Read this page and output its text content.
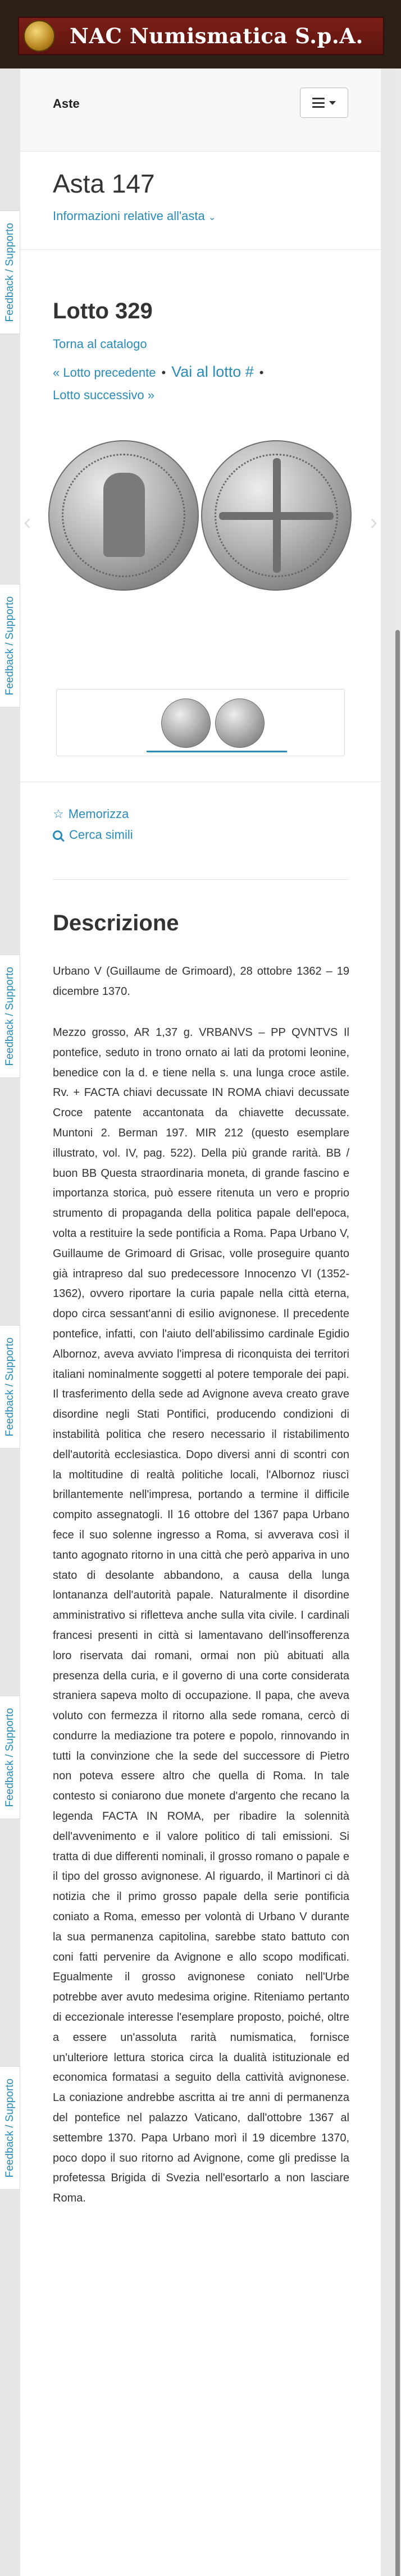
NAC Numismatica S.p.A.
Aste
Asta 147
Informazioni relative all'asta ⌄
Lotto 329
Torna al catalogo
« Lotto precedente • Vai al lotto # •
Lotto successivo »
‹	›
☆ Memorizza
Cerca simili
Descrizione

Urbano V (Guillaume de Grimoard), 28 ottobre 1362 – 19 dicembre 1370.

Mezzo grosso, AR 1,37 g. VRBANVS – PP QVNTVS Il pontefice, seduto in trono ornato ai lati da protomi leonine, benedice con la d. e tiene nella s. una lunga croce astile. Rv. + FACTA chiavi decussate IN ROMA chiavi decussate Croce patente accantonata da chiavette decussate. Muntoni 2. Berman 197. MIR 212 (questo esemplare illustrato, vol. IV, pag. 522). Della più grande rarità. BB / buon BB Questa straordinaria moneta, di grande fascino e importanza storica, può essere ritenuta un vero e proprio strumento di propaganda della politica papale dell'epoca, volta a restituire la sede pontificia a Roma. Papa Urbano V, Guillaume de Grimoard di Grisac, volle proseguire quanto già intrapreso dal suo predecessore Innocenzo VI (1352-1362), ovvero riportare la curia papale nella città eterna, dopo circa sessant'anni di esilio avignonese. Il precedente pontefice, infatti, con l'aiuto dell'abilissimo cardinale Egidio Albornoz, aveva avviato l'impresa di riconquista dei territori italiani nominalmente soggetti al potere temporale dei papi. Il trasferimento della sede ad Avignone aveva creato grave disordine negli Stati Pontifici, producendo condizioni di instabilità politica che resero necessario il ristabilimento dell'autorità ecclesiastica. Dopo diversi anni di scontri con la moltitudine di realtà politiche locali, l'Albornoz riuscì brillantemente nell'impresa, portando a termine il difficile compito assegnatogli. Il 16 ottobre del 1367 papa Urbano fece il suo solenne ingresso a Roma, si avverava così il tanto agognato ritorno in una città che però appariva in uno stato di desolante abbandono, a causa della lunga lontananza dell'autorità papale. Naturalmente il disordine amministrativo si rifletteva anche sulla vita civile. I cardinali francesi presenti in città si lamentavano dell'insofferenza loro riservata dai romani, ormai non più abituati alla presenza della curia, e il governo di una corte considerata straniera sapeva molto di occupazione. Il papa, che aveva voluto con fermezza il ritorno alla sede romana, cercò di condurre la mediazione tra potere e popolo, rinnovando in tutti la convinzione che la sede del successore di Pietro non poteva essere altro che quella di Roma. In tale contesto si coniarono due monete d'argento che recano la legenda FACTA IN ROMA, per ribadire la solennità dell'avvenimento e il valore politico di tali emissioni. Si tratta di due differenti nominali, il grosso romano o papale e il tipo del grosso avignonese. Al riguardo, il Martinori ci dà notizia che il primo grosso papale della serie pontificia coniato a Roma, emesso per volontà di Urbano V durante la sua permanenza capitolina, sarebbe stato battuto con coni fatti pervenire da Avignone e allo scopo modificati. Egualmente il grosso avignonese coniato nell'Urbe potrebbe aver avuto medesima origine. Riteniamo pertanto di eccezionale interesse l'esemplare proposto, poiché, oltre a essere un'assoluta rarità numismatica, fornisce un'ulteriore lettura storica circa la dualità istituzionale ed economica formatasi a seguito della cattività avignonese. La coniazione andrebbe ascritta ai tre anni di permanenza del pontefice nel palazzo Vaticano, dall'ottobre 1367 al settembre 1370. Papa Urbano morì il 19 dicembre 1370, poco dopo il suo ritorno ad Avignone, come gli predisse la profetessa Brigida di Svezia nell'esortarlo a non lasciare Roma.

Feedback / Supporto
Feedback / Supporto
Feedback / Supporto
Feedback / Supporto
Feedback / Supporto
Feedback / Supporto
